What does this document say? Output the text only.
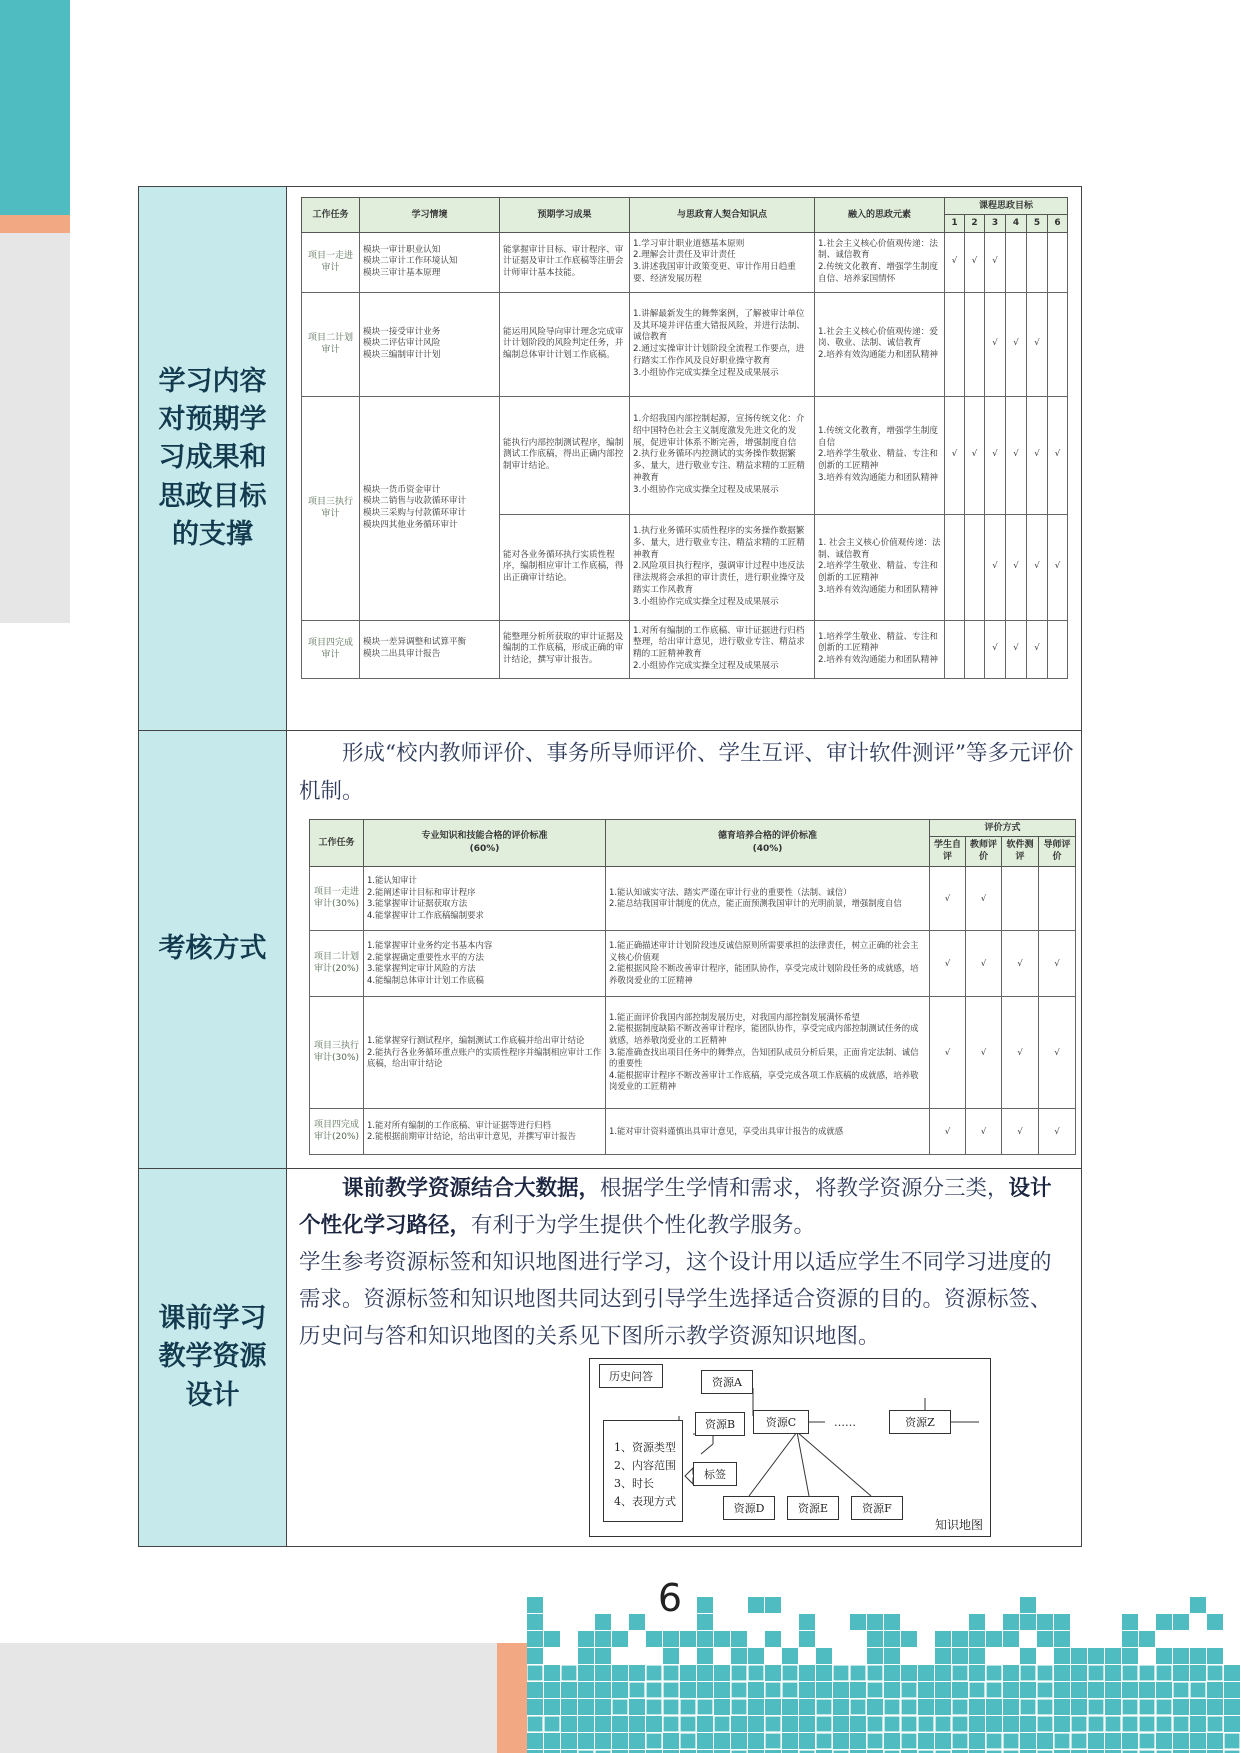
6
学习内容对预期学习成果和思政目标的支撑

工作任务	学习情境	预期学习成果	与思政育人契合知识点	融入的思政元素	课程思政目标
1	2	3	4	5	6
项目一走进审计	模块一审计职业认知
模块二审计工作环境认知
模块三审计基本原理	能掌握审计目标、审计程序、审计证据及审计工作底稿等注册会计师审计基本技能。	1.学习审计职业道德基本原则
2.理解会计责任及审计责任
3.讲述我国审计政策变更、审计作用日趋重要、经济发展历程	1.社会主义核心价值观传递：法制、诚信教育
2.传统文化教育、增强学生制度自信、培养家国情怀	√	√	√			
项目二计划审计	模块一接受审计业务
模块二评估审计风险
模块三编制审计计划	能运用风险导向审计理念完成审计计划阶段的风险判定任务，并编制总体审计计划工作底稿。	1.讲解最新发生的舞弊案例，了解被审计单位及其环境并评估重大错报风险，并进行法制、诚信教育
2.通过实操审计计划阶段全流程工作要点，进行踏实工作作风及良好职业操守教育
3.小组协作完成实操全过程及成果展示	1.社会主义核心价值观传递：爱岗、敬业、法制、诚信教育
2.培养有效沟通能力和团队精神			√	√	√	
项目三执行审计	模块一货币资金审计
模块二销售与收款循环审计
模块三采购与付款循环审计
模块四其他业务循环审计	能执行内部控制测试程序，编制测试工作底稿，得出正确内部控制审计结论。	1.介绍我国内部控制起源，宣扬传统文化：介绍中国特色社会主义制度激发先进文化的发展，促进审计体系不断完善，增强制度自信
2.执行业务循环内控测试的实务操作数据繁多、量大，进行敬业专注、精益求精的工匠精神教育
3.小组协作完成实操全过程及成果展示	1.传统文化教育，增强学生制度自信
2.培养学生敬业、精益、专注和创新的工匠精神
3.培养有效沟通能力和团队精神	√	√	√	√	√	√
能对各业务循环执行实质性程序，编制相应审计工作底稿，得出正确审计结论。	1.执行业务循环实质性程序的实务操作数据繁多、量大，进行敬业专注、精益求精的工匠精神教育
2.风险项目执行程序，强调审计过程中违反法律法规将会承担的审计责任，进行职业操守及踏实工作风教育
3.小组协作完成实操全过程及成果展示	1. 社会主义核心价值观传递：法制、诚信教育
2.培养学生敬业、精益、专注和创新的工匠精神
3.培养有效沟通能力和团队精神			√	√	√	√
项目四完成审计	模块一差异调整和试算平衡
模块二出具审计报告	能整理分析所获取的审计证据及编制的工作底稿，形成正确的审计结论，撰写审计报告。	1.对所有编制的工作底稿、审计证据进行归档整理，给出审计意见，进行敬业专注、精益求精的工匠精神教育
2.小组协作完成实操全过程及成果展示	1.培养学生敬业、精益、专注和创新的工匠精神
2.培养有效沟通能力和团队精神			√	√	√	

考核方式	

形成“校内教师评价、事务所导师评价、学生互评、审计软件测评”等多元评价机制。

工作任务	专业知识和技能合格的评价标准
(60%)	德育培养合格的评价标准
(40%)	评价方式
学生自评	教师评价	软件测评	导师评价
项目一走进审计(30%)	1.能认知审计
2.能阐述审计目标和审计程序
3.能掌握审计证据获取方法
4.能掌握审计工作底稿编制要求	1.能认知诚实守法、踏实严谨在审计行业的重要性（法制、诚信）
2.能总结我国审计制度的优点，能正面预测我国审计的光明前景，增强制度自信	√	√		
项目二计划审计(20%)	1.能掌握审计业务约定书基本内容
2.能掌握确定重要性水平的方法
3.能掌握判定审计风险的方法
4.能编制总体审计计划工作底稿	1.能正确描述审计计划阶段违反诚信原则所需要承担的法律责任，树立正确的社会主义核心价值观
2.能根据风险不断改善审计程序，能团队协作，享受完成计划阶段任务的成就感，培养敬岗爱业的工匠精神	√	√	√	√
项目三执行审计(30%)	1.能掌握穿行测试程序，编制测试工作底稿并给出审计结论
2.能执行各业务循环重点账户的实质性程序并编制相应审计工作底稿，给出审计结论	1.能正面评价我国内部控制发展历史，对我国内部控制发展满怀希望
2.能根据制度缺陷不断改善审计程序，能团队协作，享受完成内部控制测试任务的成就感，培养敬岗爱业的工匠精神
3.能准确查找出项目任务中的舞弊点，告知团队成员分析后果，正面肯定法制、诚信的重要性
4.能根据审计程序不断改善审计工作底稿，享受完成各项工作底稿的成就感，培养敬岗爱业的工匠精神	√	√	√	√
项目四完成审计(20%)	1.能对所有编制的工作底稿、审计证据等进行归档
2.能根据前期审计结论，给出审计意见，并撰写审计报告	1.能对审计资料谨慎出具审计意见，享受出具审计报告的成就感	√	√	√	√

课前学习教学资源设计

课前教学资源结合大数据，根据学生学情和需求，将教学资源分三类，设计个性化学习路径，有利于为学生提供个性化教学服务。

学生参考资源标签和知识地图进行学习，这个设计用以适应学生不同学习进度的需求。资源标签和知识地图共同达到引导学生选择适合资源的目的。资源标签、历史问与答和知识地图的关系见下图所示教学资源知识地图。

历史问答	资源A
资源B	资源C	……	资源Z
标签
资源D	资源E	资源F
1、资源类型
2、内容范围
3、时长
4、表现方式
知识地图
